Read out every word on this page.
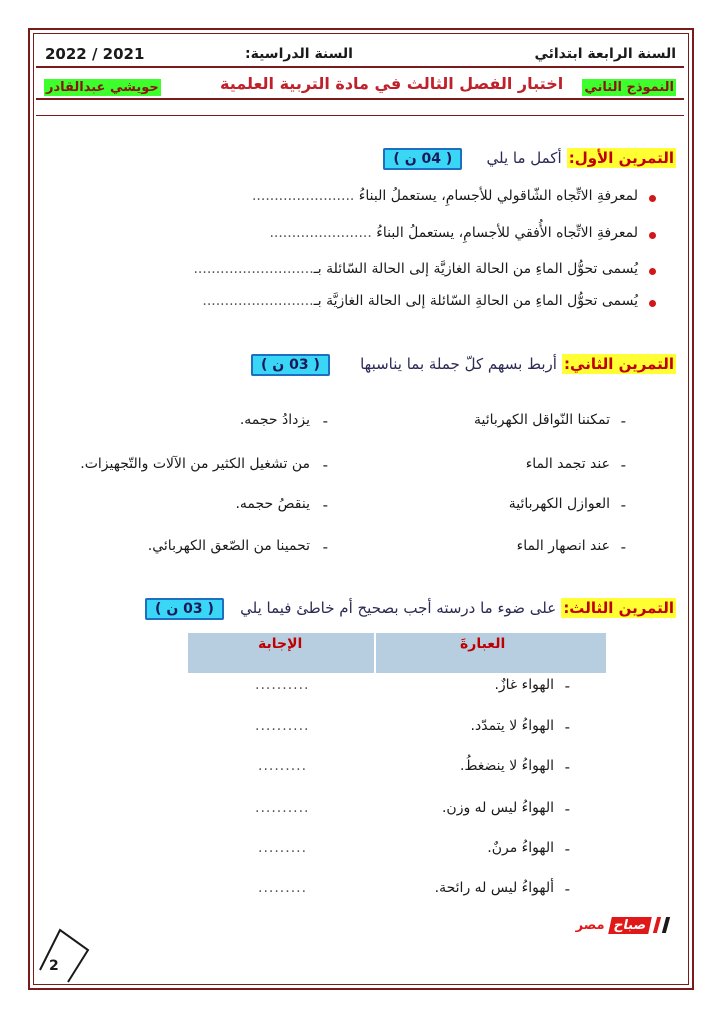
السنة الرابعة ابتدائي
السنة الدراسية:
2022 / 2021
النموذج الثاني
اختبار الفصل الثالث في مادة التربية العلمية
حويشي عبدالقادر
التمرين الأول: أكمل ما يلي  ( 04 ن )
لمعرفةِ الاتِّجاه الشّاقولي للأجسامِ، يستعملُ البناءُ .......................
لمعرفةِ الاتِّجاه الأُفقي للأجسامِ، يستعملُ البناءُ .......................
يُسمى تحوُّل الماءِ من الحالة الغازيَّة إلى الحالة السّائلة بـ...........................
يُسمى تحوُّل الماءِ من الحالةِ السّائلة إلى الحالة الغازيَّة بـ.........................
التمرين الثاني: أربط بسهم كلّ جملة بما يناسبها  ( 03 ن )
-
تمكننا النّواقل الكهربائية
-
عند تجمد الماء
-
العوازل الكهربائية
-
عند انصهار الماء
-
يزدادُ حجمه.
-
من تشغيل الكثير من الآلات والتّجهيزات.
-
ينقصُ حجمه.
-
تحمينا من الصّعق الكهربائي.
التمرين الثالث: على ضوء ما درسته أجب بصحيح أم خاطئ فيما يلي  ( 03 ن )
الإجابة	العبارةَ
-
الهواء غازٌ.
..........
-
الهواءُ لا يتمدّد.
..........
-
الهواءُ لا ينضغطُ.
.........
-
الهواءُ ليس له وزن.
..........
-
الهواءُ مرنٌ.
.........
-
ألهواءُ ليس له رائحة.
.........
مصر صباح
2
